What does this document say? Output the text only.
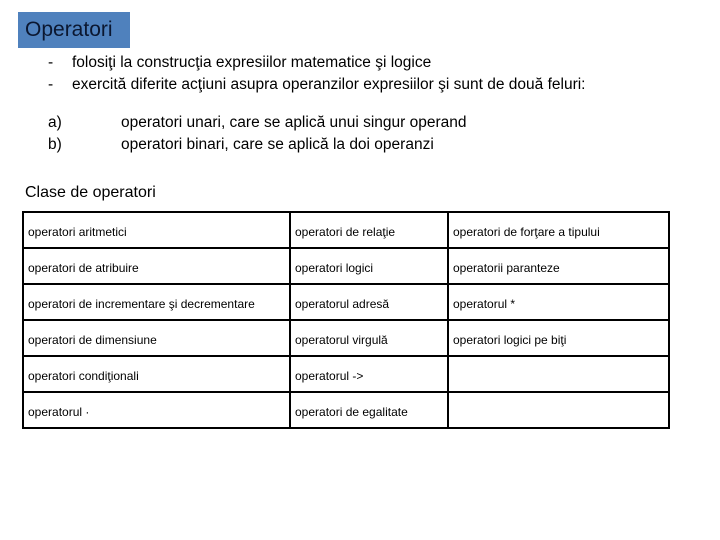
Operatori
- folosiţi la construcţia expresiilor matematice şi logice
- exercită diferite acţiuni asupra operanzilor expresiilor şi sunt de două feluri:
a)	operatori unari, care se aplică unui singur operand
b)	operatori binari, care se aplică la doi operanzi
Clase de operatori
operatori aritmetici	operatori de relaţie	operatori de forţare a tipului
operatori de atribuire	operatori logici	operatorii paranteze
operatori de incrementare şi decrementare	operatorul adresă	operatorul *
operatori de dimensiune	operatorul virgulă	operatori logici pe biţi
operatori condiţionali	operatorul ->	
operatorul ·	operatori de egalitate	
